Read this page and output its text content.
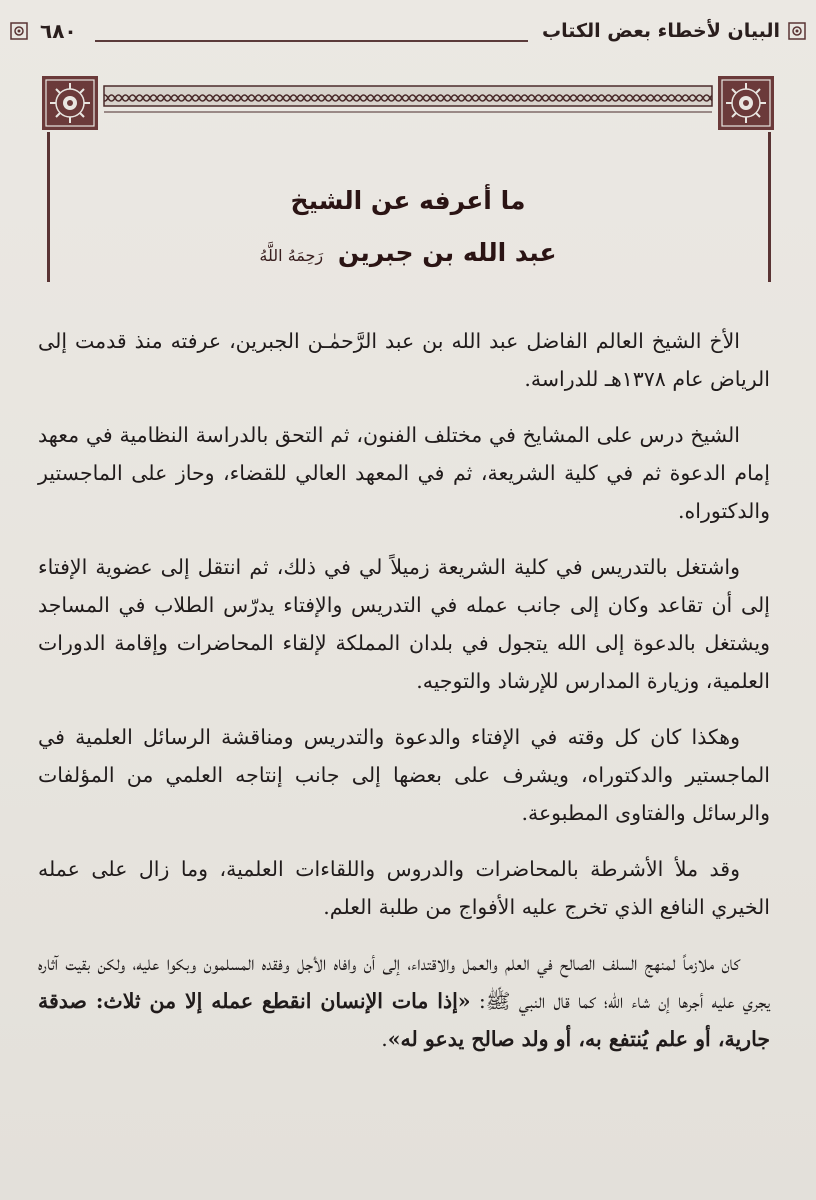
البيان لأخطاء بعض الكتاب
٦٨٠
ما أعرفه عن الشيخ
عبد الله بن جبرين رَحِمَهُ اللَّهُ

الأخ الشيخ العالم الفاضل عبد الله بن عبد الرَّحمٰـن الجبرين، عرفته منذ قدمت إلى الرياض عام ١٣٧٨هـ للدراسة.

الشيخ درس على المشايخ في مختلف الفنون، ثم التحق بالدراسة النظامية في معهد إمام الدعوة ثم في كلية الشريعة، ثم في المعهد العالي للقضاء، وحاز على الماجستير والدكتوراه.

واشتغل بالتدريس في كلية الشريعة زميلاً لي في ذلك، ثم انتقل إلى عضوية الإفتاء إلى أن تقاعد وكان إلى جانب عمله في التدريس والإفتاء يدرّس الطلاب في المساجد ويشتغل بالدعوة إلى الله يتجول في بلدان المملكة لإلقاء المحاضرات وإقامة الدورات العلمية، وزيارة المدارس للإرشاد والتوجيه.

وهكذا كان كل وقته في الإفتاء والدعوة والتدريس ومناقشة الرسائل العلمية في الماجستير والدكتوراه، ويشرف على بعضها إلى جانب إنتاجه العلمي من المؤلفات والرسائل والفتاوى المطبوعة.

وقد ملأ الأشرطة بالمحاضرات والدروس واللقاءات العلمية، وما زال على عمله الخيري النافع الذي تخرج عليه الأفواج من طلبة العلم.

كان ملازماً لمنهج السلف الصالح في العلم والعمل والاقتداء، إلى أن وافاه الأجل وفقده المسلمون وبكوا عليه، ولكن بقيت آثاره يجري عليه أجرها إن شاء الله؛ كما قال النبي ﷺ: «إذا مات الإنسان انقطع عمله إلا من ثلاث: صدقة جارية، أو علم يُنتفع به، أو ولد صالح يدعو له».
